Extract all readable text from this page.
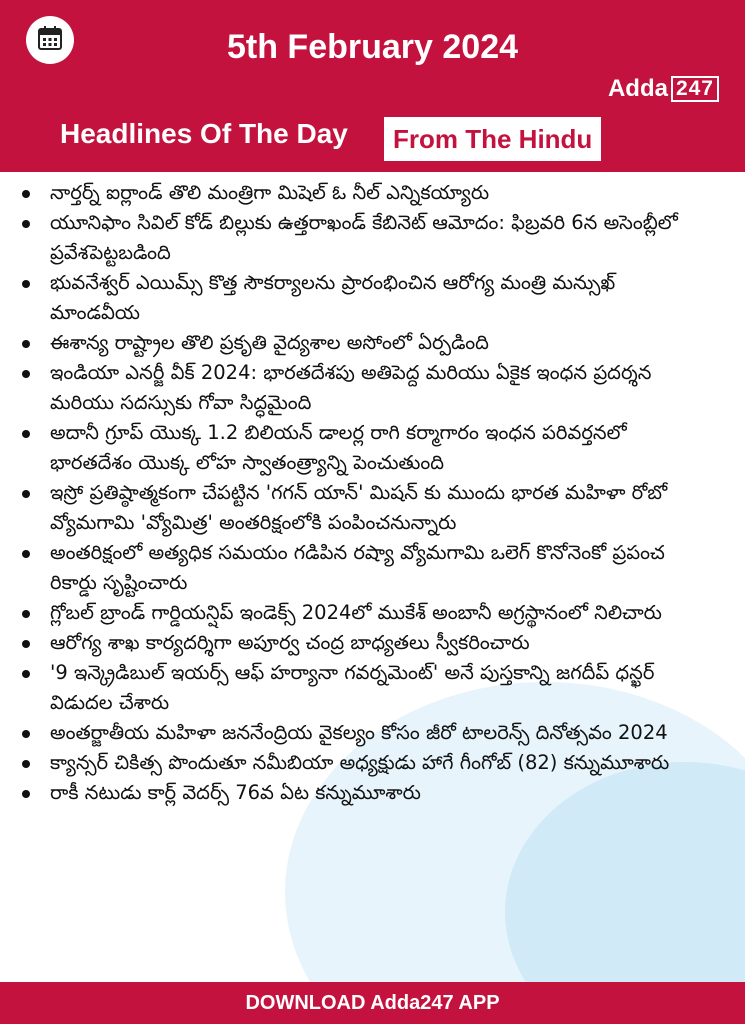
5th February 2024
Adda 247
Headlines Of The Day	From The Hindu
నార్తర్న్ ఐర్లాండ్ తొలి మంత్రిగా మిషెల్ ఓ నీల్ ఎన్నికయ్యారు
యూనిఫాం సివిల్ కోడ్ బిల్లుకు ఉత్తరాఖండ్ కేబినెట్ ఆమోదం: ఫిబ్రవరి 6న అసెంబ్లీలో ప్రవేశపెట్టబడింది
భువనేశ్వర్ ఎయిమ్స్ కొత్త సౌకర్యాలను ప్రారంభించిన ఆరోగ్య మంత్రి మన్సుఖ్ మాండవీయ
ఈశాన్య రాష్ట్రాల తొలి ప్రకృతి వైద్యశాల అసోంలో ఏర్పడింది
ఇండియా ఎనర్జీ వీక్ 2024: భారతదేశపు అతిపెద్ద మరియు ఏకైక ఇంధన ప్రదర్శన మరియు సదస్సుకు గోవా సిద్ధమైంది
అదానీ గ్రూప్ యొక్క 1.2 బిలియన్ డాలర్ల రాగి కర్మాగారం ఇంధన పరివర్తనలో భారతదేశం యొక్క లోహ స్వాతంత్ర్యాన్ని పెంచుతుంది
ఇస్రో ప్రతిష్ఠాత్మకంగా చేపట్టిన 'గగన్ యాన్' మిషన్ కు ముందు భారత మహిళా రోబో వ్యోమగామి 'వ్యోమిత్ర' అంతరిక్షంలోకి పంపించనున్నారు
అంతరిక్షంలో అత్యధిక సమయం గడిపిన రష్యా వ్యోమగామి ఒలెగ్ కొనోనెంకో ప్రపంచ రికార్డు సృష్టించారు
గ్లోబల్ బ్రాండ్ గార్డియన్షిప్ ఇండెక్స్ 2024లో ముకేశ్ అంబానీ అగ్రస్థానంలో నిలిచారు
ఆరోగ్య శాఖ కార్యదర్శిగా అపూర్వ చంద్ర బాధ్యతలు స్వీకరించారు
'9 ఇన్క్రెడిబుల్ ఇయర్స్ ఆఫ్ హర్యానా గవర్నమెంట్' అనే పుస్తకాన్ని జగదీప్ ధన్ఖర్ విడుదల చేశారు
అంతర్జాతీయ మహిళా జననేంద్రియ వైకల్యం కోసం జీరో టాలరెన్స్ దినోత్సవం 2024
క్యాన్సర్ చికిత్స పొందుతూ నమీబియా అధ్యక్షుడు హాగే గీంగోబ్ (82) కన్నుమూశారు
రాకీ నటుడు కార్ల్ వెదర్స్ 76వ ఏట కన్నుమూశారు
DOWNLOAD Adda247 APP
